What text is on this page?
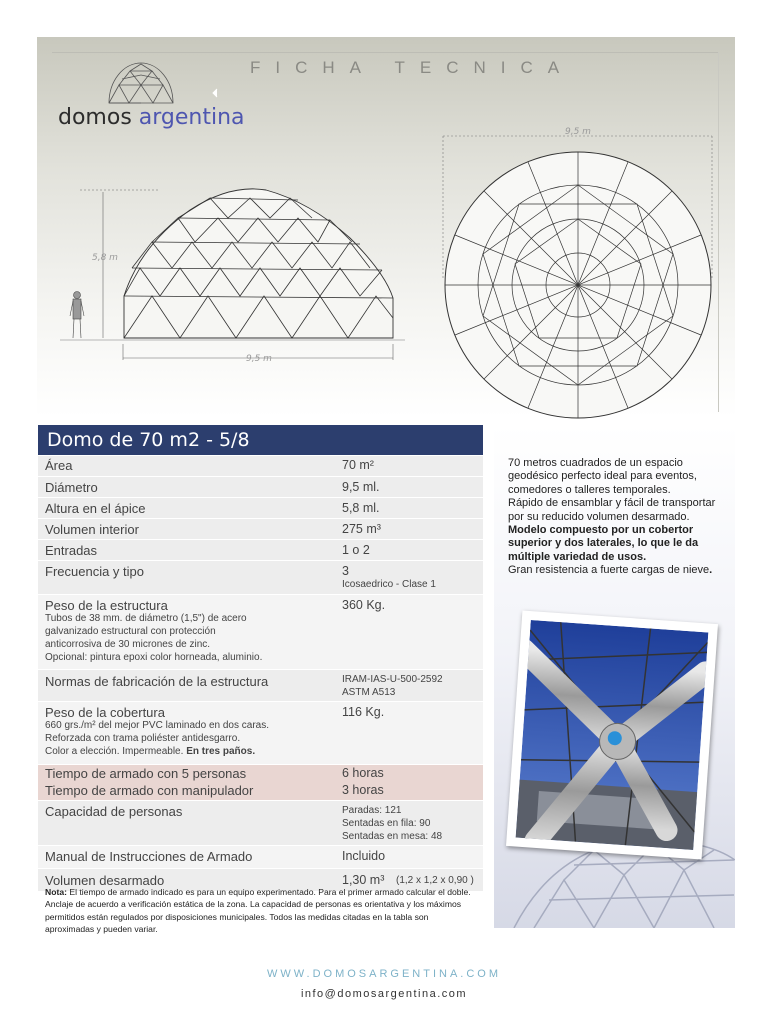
FICHA TECNICA
domos argentina
5,8 m
9,5 m
9,5 m
Domo de 70 m2 - 5/8
Área	70 m²
Diámetro	9,5 ml.
Altura en el ápice	5,8 ml.
Volumen interior	275 m³
Entradas	1 o 2
Frecuencia y tipo	3
Icosaedrico - Clase 1
Peso de la estructura	360 Kg.
Tubos de 38 mm. de diámetro (1,5") de acero
galvanizado estructural con protección
anticorrosiva de 30 micrones de zinc.
Opcional: pintura epoxi color horneada, aluminio.
Normas de fabricación de la estructura	IRAM-IAS-U-500-2592
ASTM A513
Peso de la cobertura	116 Kg.
660 grs./m² del mejor PVC laminado en dos caras.
Reforzada con trama poliéster antidesgarro.
Color a elección. Impermeable. En tres paños.
Tiempo de armado con 5 personas	6 horas
Tiempo de armado con manipulador	3 horas
Capacidad de personas	Paradas: 121
Sentadas en fila: 90
Sentadas en mesa: 48
Manual de Instrucciones de Armado	Incluido
Volumen desarmado	1,30 m³ (1,2 x 1,2 x 0,90 )
70 metros cuadrados de un espacio geodésico perfecto ideal para eventos, comedores o talleres temporales.
Rápido de ensamblar y fácil de transportar por su reducido volumen desarmado.
Modelo compuesto por un cobertor superior y dos laterales, lo que le da múltiple variedad de usos.
Gran resistencia a fuerte cargas de nieve.
Nota: El tiempo de armado indicado es para un equipo experimentado. Para el primer armado calcular el doble. Anclaje de acuerdo a verificación estática de la zona. La capacidad de personas es orientativa y los máximos permitidos están regulados por disposiciones municipales. Todos las medidas citadas en la tabla son aproximadas y pueden variar.
WWW.DOMOSARGENTINA.COM
info@domosargentina.com
